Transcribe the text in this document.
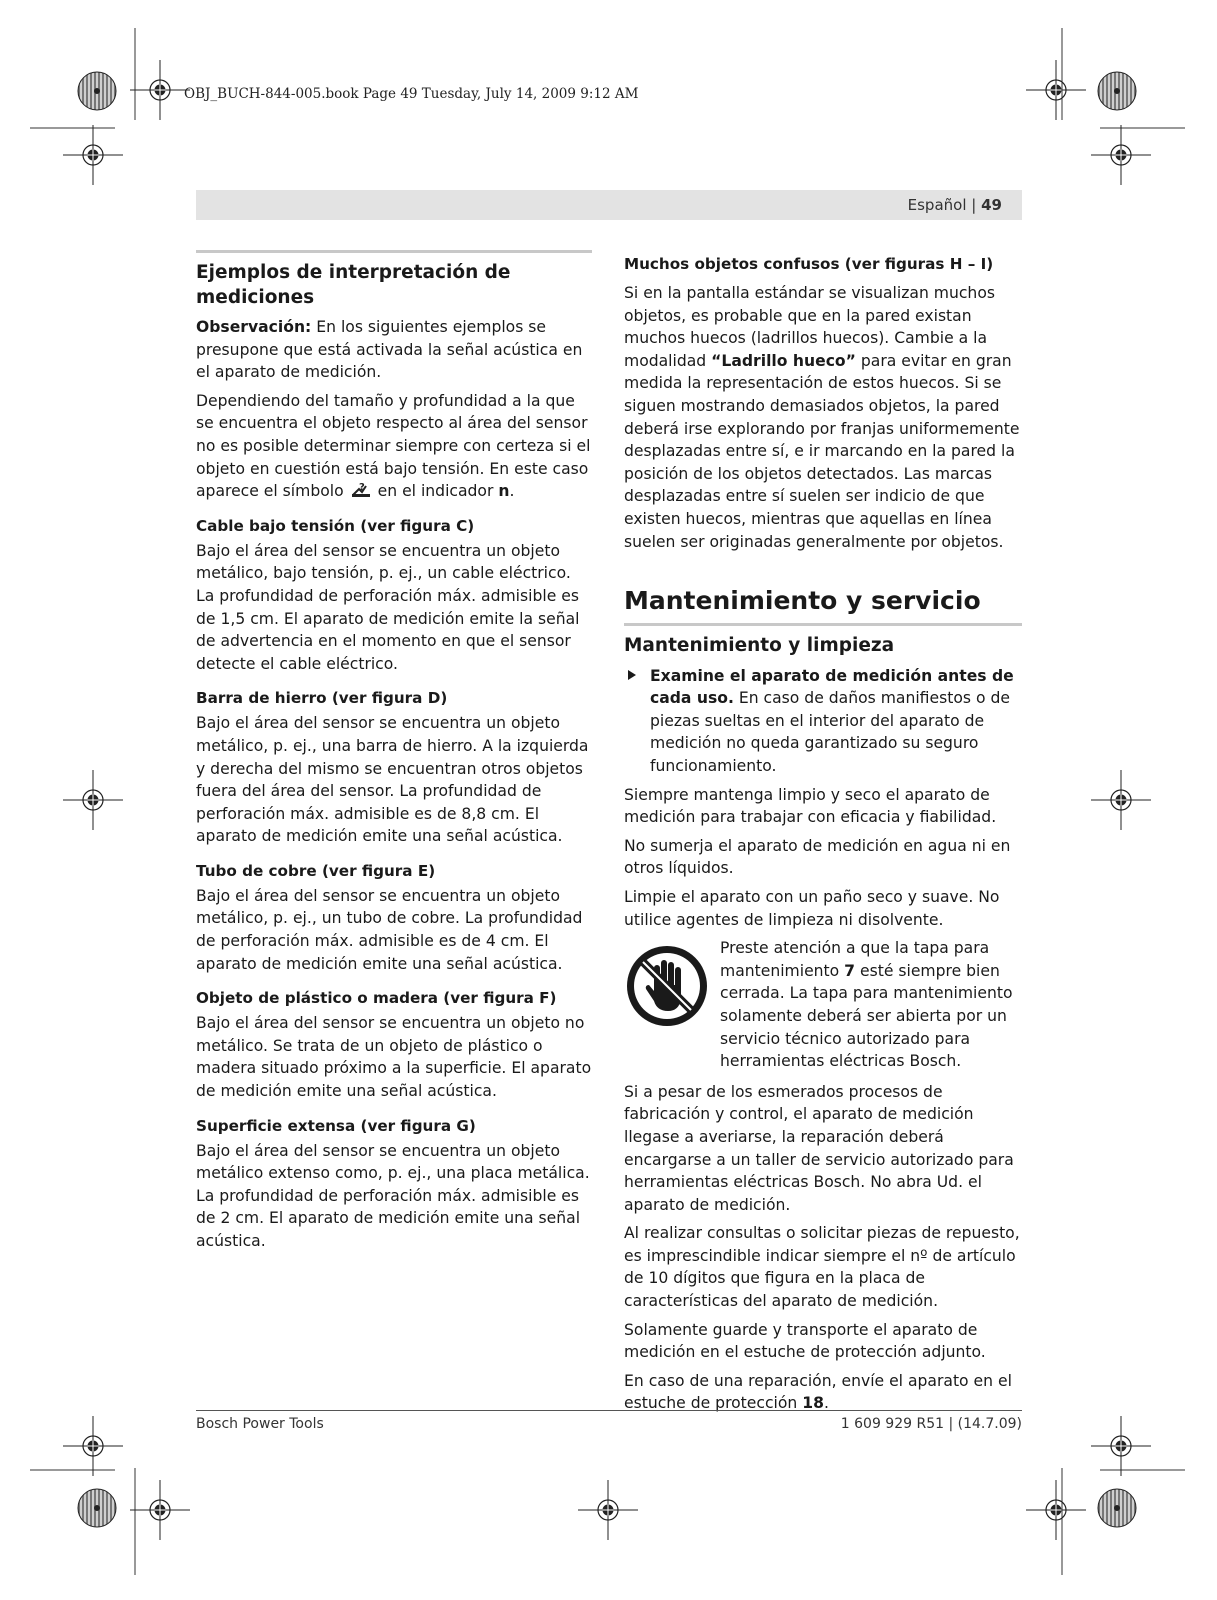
OBJ_BUCH-844-005.book Page 49 Tuesday, July 14, 2009 9:12 AM
Español | 49
Ejemplos de interpretación de mediciones

Observación: En los siguientes ejemplos se presupone que está activada la señal acústica en el aparato de medición.

Dependiendo del tamaño y profundidad a la que se encuentra el objeto respecto al área del sensor no es posible determinar siempre con certeza si el objeto en cuestión está bajo tensión. En este caso aparece el símbolo ? en el indicador n.

Cable bajo tensión (ver figura C)

Bajo el área del sensor se encuentra un objeto metálico, bajo tensión, p. ej., un cable eléctrico. La profundidad de perforación máx. admisible es de 1,5 cm. El aparato de medición emite la señal de advertencia en el momento en que el sensor detecte el cable eléctrico.

Barra de hierro (ver figura D)

Bajo el área del sensor se encuentra un objeto metálico, p. ej., una barra de hierro. A la izquierda y derecha del mismo se encuentran otros objetos fuera del área del sensor. La profundidad de perforación máx. admisible es de 8,8 cm. El aparato de medición emite una señal acústica.

Tubo de cobre (ver figura E)

Bajo el área del sensor se encuentra un objeto metálico, p. ej., un tubo de cobre. La profundidad de perforación máx. admisible es de 4 cm. El aparato de medición emite una señal acústica.

Objeto de plástico o madera (ver figura F)

Bajo el área del sensor se encuentra un objeto no metálico. Se trata de un objeto de plástico o madera situado próximo a la superficie. El aparato de medición emite una señal acústica.

Superficie extensa (ver figura G)

Bajo el área del sensor se encuentra un objeto metálico extenso como, p. ej., una placa metálica. La profundidad de perforación máx. admisible es de 2 cm. El aparato de medición emite una señal acústica.

Muchos objetos confusos (ver figuras H – I)

Si en la pantalla estándar se visualizan muchos objetos, es probable que en la pared existan muchos huecos (ladrillos huecos). Cambie a la modalidad “Ladrillo hueco” para evitar en gran medida la representación de estos huecos. Si se siguen mostrando demasiados objetos, la pared deberá irse explorando por franjas uniformemente desplazadas entre sí, e ir marcando en la pared la posición de los objetos detectados. Las marcas desplazadas entre sí suelen ser indicio de que existen huecos, mientras que aquellas en línea suelen ser originadas generalmente por objetos.

Mantenimiento y servicio
Mantenimiento y limpieza
Examine el aparato de medición antes de cada uso. En caso de daños manifiestos o de piezas sueltas en el interior del aparato de medición no queda garantizado su seguro funcionamiento.

Siempre mantenga limpio y seco el aparato de medición para trabajar con eficacia y fiabilidad.

No sumerja el aparato de medición en agua ni en otros líquidos.

Limpie el aparato con un paño seco y suave. No utilice agentes de limpieza ni disolvente.

Preste atención a que la tapa para mantenimiento 7 esté siempre bien cerrada. La tapa para mantenimiento solamente deberá ser abierta por un servicio técnico autorizado para herramientas eléctricas Bosch.

Si a pesar de los esmerados procesos de fabricación y control, el aparato de medición llegase a averiarse, la reparación deberá encargarse a un taller de servicio autorizado para herramientas eléctricas Bosch. No abra Ud. el aparato de medición.

Al realizar consultas o solicitar piezas de repuesto, es imprescindible indicar siempre el nº de artículo de 10 dígitos que figura en la placa de características del aparato de medición.

Solamente guarde y transporte el aparato de medición en el estuche de protección adjunto.

En caso de una reparación, envíe el aparato en el estuche de protección 18.

Bosch Power Tools	1 609 929 R51 | (14.7.09)
